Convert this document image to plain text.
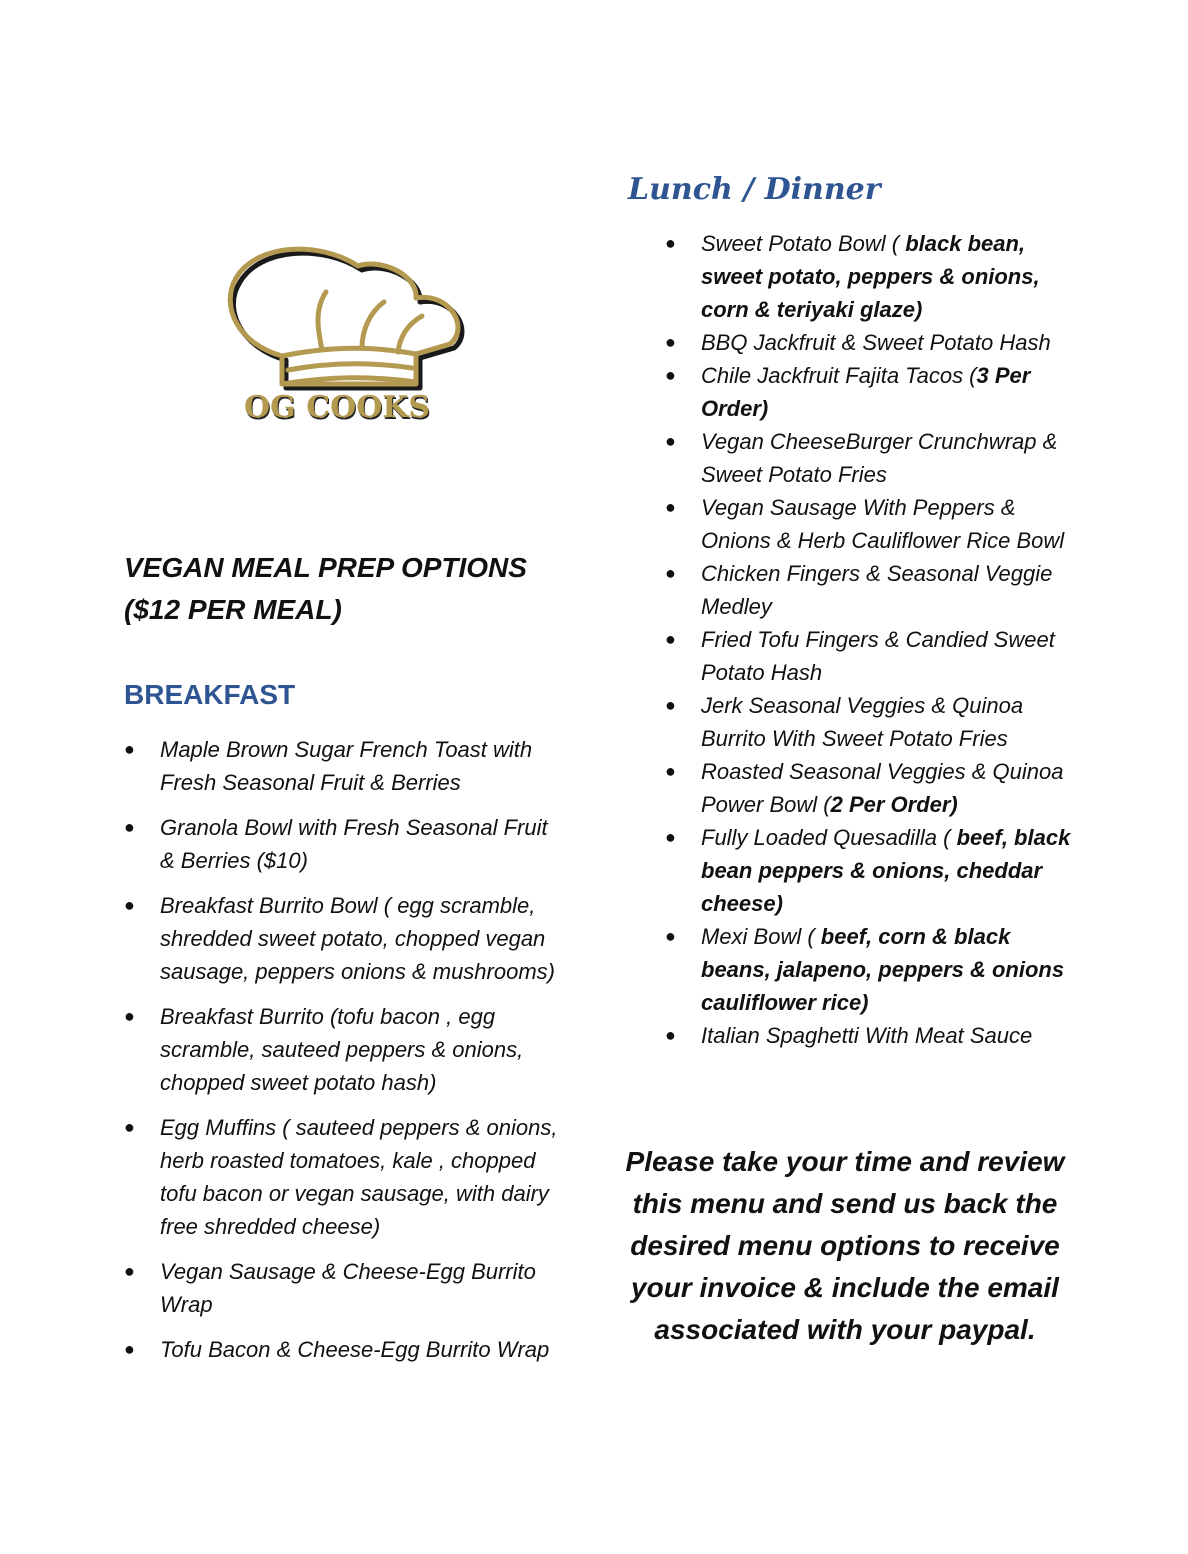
OG COOKS
VEGAN MEAL PREP OPTIONS
($12 PER MEAL)
BREAKFAST
● Maple Brown Sugar French Toast with Fresh Seasonal Fruit & Berries
● Granola Bowl with Fresh Seasonal Fruit & Berries ($10)
● Breakfast Burrito Bowl ( egg scramble, shredded sweet potato, chopped vegan sausage, peppers onions & mushrooms)
● Breakfast Burrito (tofu bacon , egg scramble, sauteed peppers & onions, chopped sweet potato hash)
● Egg Muffins ( sauteed peppers & onions, herb roasted tomatoes, kale , chopped tofu bacon or vegan sausage, with dairy free shredded cheese)
● Vegan Sausage & Cheese-Egg Burrito Wrap
● Tofu Bacon & Cheese-Egg Burrito Wrap
Lunch / Dinner
● Sweet Potato Bowl ( black bean, sweet potato, peppers & onions, corn & teriyaki glaze)
● BBQ Jackfruit & Sweet Potato Hash
● Chile Jackfruit Fajita Tacos (3 Per Order)
● Vegan CheeseBurger Crunchwrap & Sweet Potato Fries
● Vegan Sausage With Peppers & Onions & Herb Cauliflower Rice Bowl
● Chicken Fingers & Seasonal Veggie Medley
● Fried Tofu Fingers & Candied Sweet Potato Hash
● Jerk Seasonal Veggies & Quinoa Burrito With Sweet Potato Fries
● Roasted Seasonal Veggies & Quinoa Power Bowl (2 Per Order)
● Fully Loaded Quesadilla ( beef, black bean peppers & onions, cheddar cheese)
● Mexi Bowl ( beef, corn & black beans, jalapeno, peppers & onions cauliflower rice)
● Italian Spaghetti With Meat Sauce
Please take your time and review this menu and send us back the desired menu options to receive your invoice & include the email associated with your paypal.
